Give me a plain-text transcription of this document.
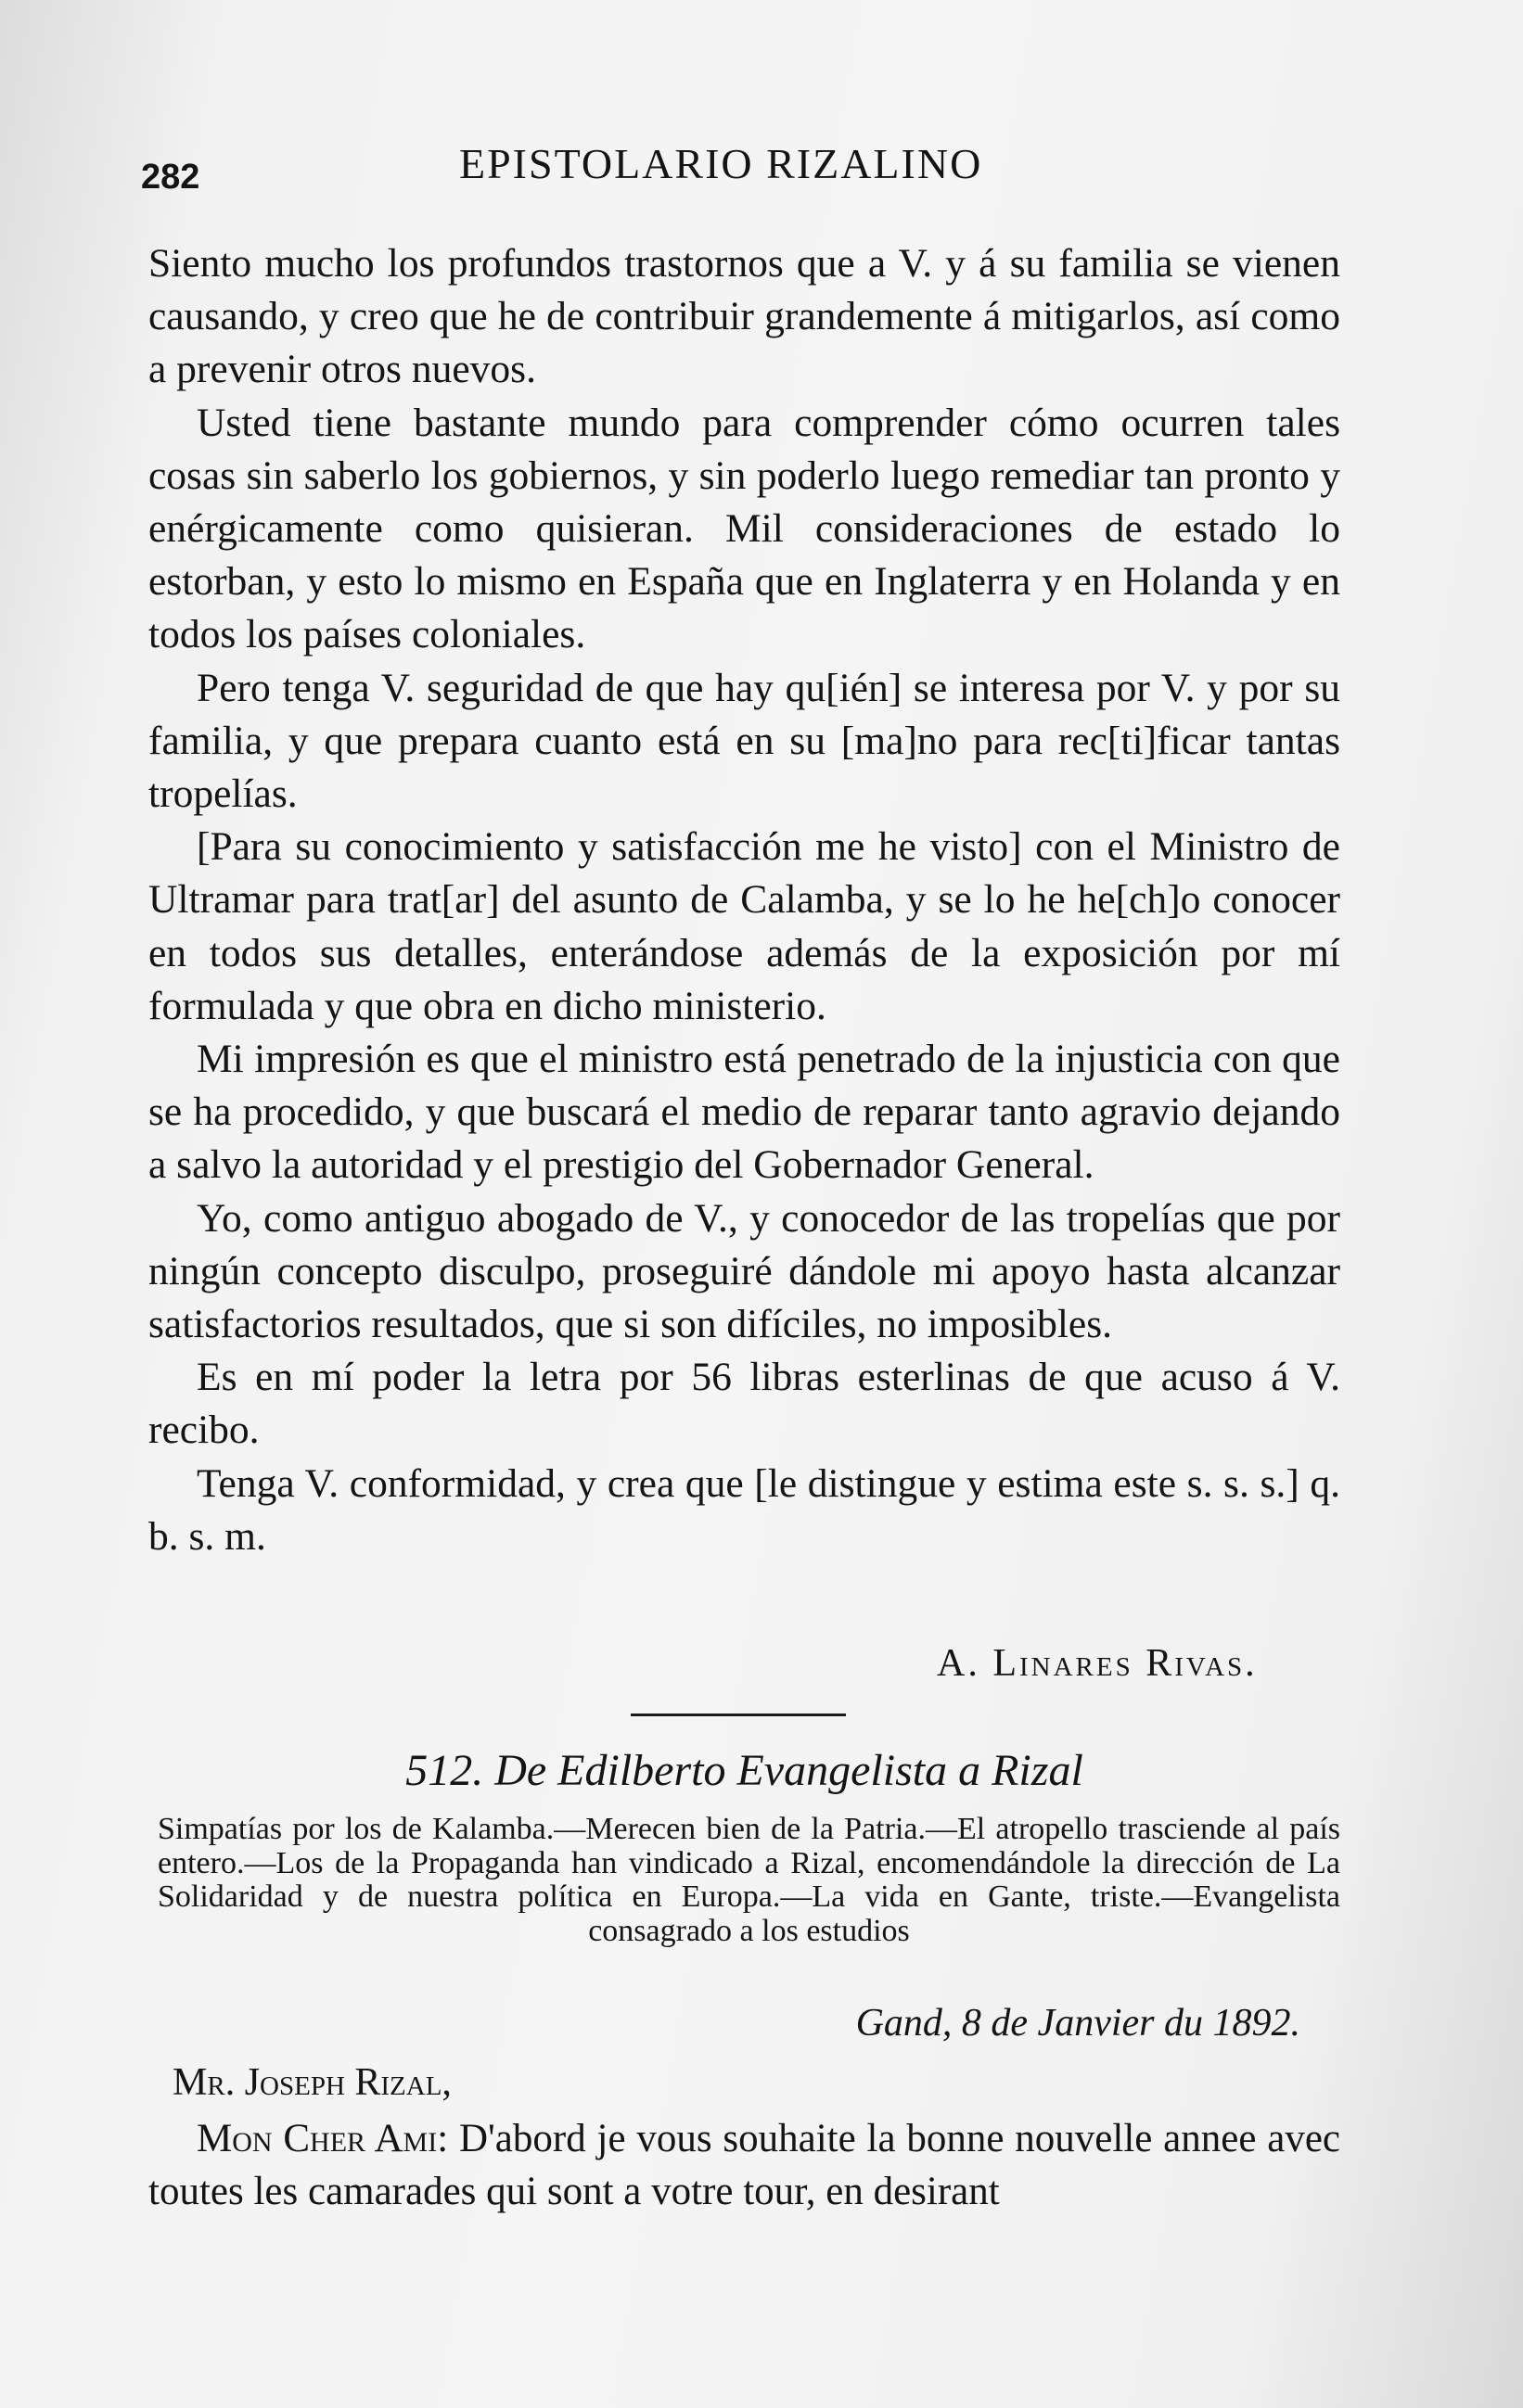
282	EPISTOLARIO RIZALINO

Siento mucho los profundos trastornos que a V. y á su familia se vienen causando, y creo que he de contribuir grandemente á mitigarlos, así como a prevenir otros nuevos.

Usted tiene bastante mundo para comprender cómo ocurren tales cosas sin saberlo los gobiernos, y sin poderlo luego remediar tan pronto y enérgicamente como quisieran. Mil consideraciones de estado lo estorban, y esto lo mismo en España que en Inglaterra y en Holanda y en todos los países coloniales.

Pero tenga V. seguridad de que hay qu[ién] se interesa por V. y por su familia, y que prepara cuanto está en su [ma]no para rec[ti]ficar tantas tropelías.

[Para su conocimiento y satisfacción me he visto] con el Ministro de Ultramar para trat[ar] del asunto de Calamba, y se lo he he[ch]o conocer en todos sus detalles, enterándose además de la exposición por mí formulada y que obra en dicho ministerio.

Mi impresión es que el ministro está penetrado de la injusticia con que se ha procedido, y que buscará el medio de reparar tanto agravio dejando a salvo la autoridad y el prestigio del Gobernador General.

Yo, como antiguo abogado de V., y conocedor de las tropelías que por ningún concepto disculpo, proseguiré dándole mi apoyo hasta alcanzar satisfactorios resultados, que si son difíciles, no imposibles.

Es en mí poder la letra por 56 libras esterlinas de que acuso á V. recibo.

Tenga V. conformidad, y crea que [le distingue y estima este s. s. s.] q. b. s. m.

A. Linares Rivas.
512. De Edilberto Evangelista a Rizal
Simpatías por los de Kalamba.—Merecen bien de la Patria.—El atropello trasciende al país entero.—Los de la Propaganda han vindicado a Rizal, encomendándole la dirección de La Solidaridad y de nuestra política en Europa.—La vida en Gante, triste.—Evangelista consagrado a los estudios
Gand, 8 de Janvier du 1892.
Mr. Joseph Rizal,

Mon Cher Ami: D'abord je vous souhaite la bonne nouvelle annee avec toutes les camarades qui sont a votre tour, en desirant
